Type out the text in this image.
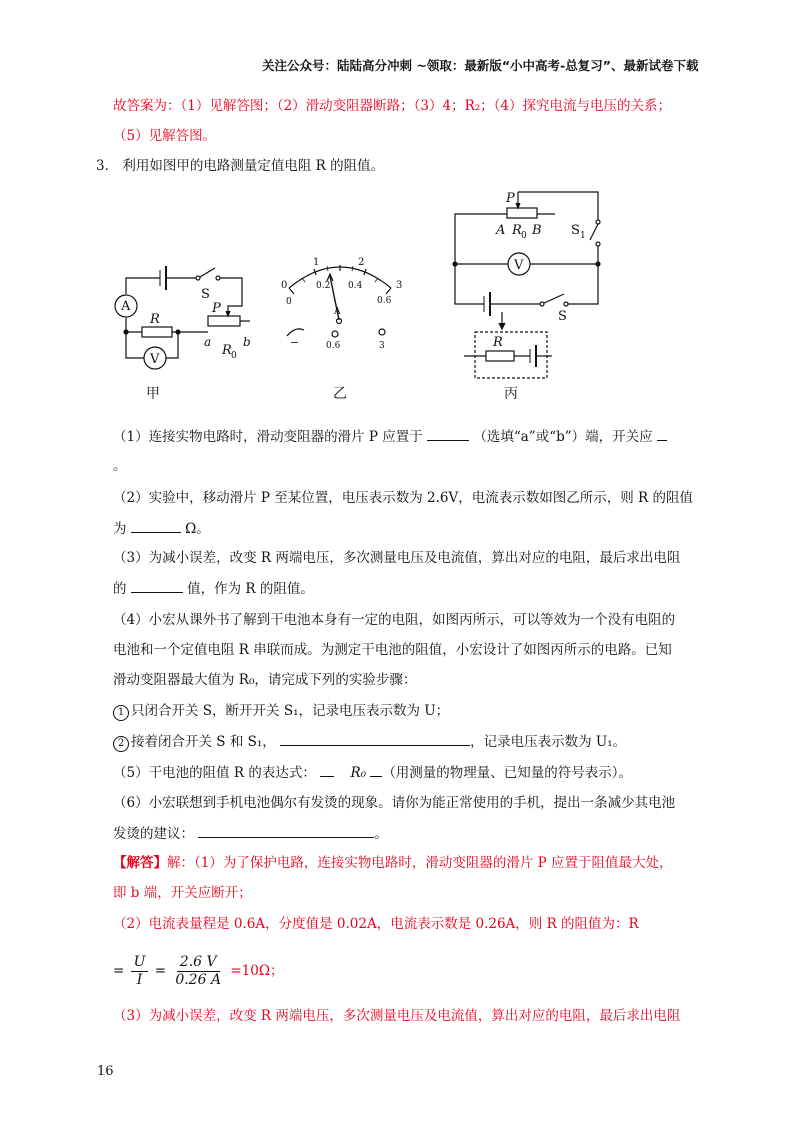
关注公众号：陆陆高分冲刺 ~领取：最新版“小中高考-总复习”、最新试卷下载
故答案为：（1）见解答图；（2）滑动变阻器断路；（3）4；R₂；（4）探究电流与电压的关系；
（5）见解答图。
3． 利用如图甲的电路测量定值电阻 R 的阻值。
A
V
S
R
P
a
R 0
b
甲
0
1	2
3
0
0.2 0.4
0.6
A
−	0.6	3
乙
P
A R 0 B S 1
V
S
R
丙
（1）连接实物电路时，滑动变阻器的滑片 P 应置于	（选填“a”或“b”）端，开关应
。
（2）实验中，移动滑片 P 至某位置，电压表示数为 2.6V，电流表示数如图乙所示，则 R 的阻值
为	Ω。
（3）为减小误差，改变 R 两端电压，多次测量电压及电流值，算出对应的电阻，最后求出电阻
的	值，作为 R 的阻值。
（4）小宏从课外书了解到干电池本身有一定的电阻，如图丙所示，可以等效为一个没有电阻的
电池和一个定值电阻 R 串联而成。为测定干电池的阻值，小宏设计了如图丙所示的电路。已知
滑动变阻器最大值为 R₀，请完成下列的实验步骤：
1 只闭合开关 S，断开开关 S₁，记录电压表示数为 U；
2 接着闭合开关 S 和 S₁，	，记录电压表示数为 U₁。
（5）干电池的阻值 R 的表达式：	R₀ （用测量的物理量、已知量的符号表示）。
（6）小宏联想到手机电池偶尔有发烫的现象。请你为能正常使用的手机，提出一条减少其电池
发烫的建议：	。
【解答】解：（1）为了保护电路，连接实物电路时，滑动变阻器的滑片 P 应置于阻值最大处，
即 b 端，开关应断开；
（2）电流表量程是 0.6A，分度值是 0.02A，电流表示数是 0.26A，则 R 的阻值为：R
= $\frac{U}{I} = \frac{2.6 V}{0.26 A} =10\Omega$；
（3）为减小误差，改变 R 两端电压，多次测量电压及电流值，算出对应的电阻，最后求出电阻
16
